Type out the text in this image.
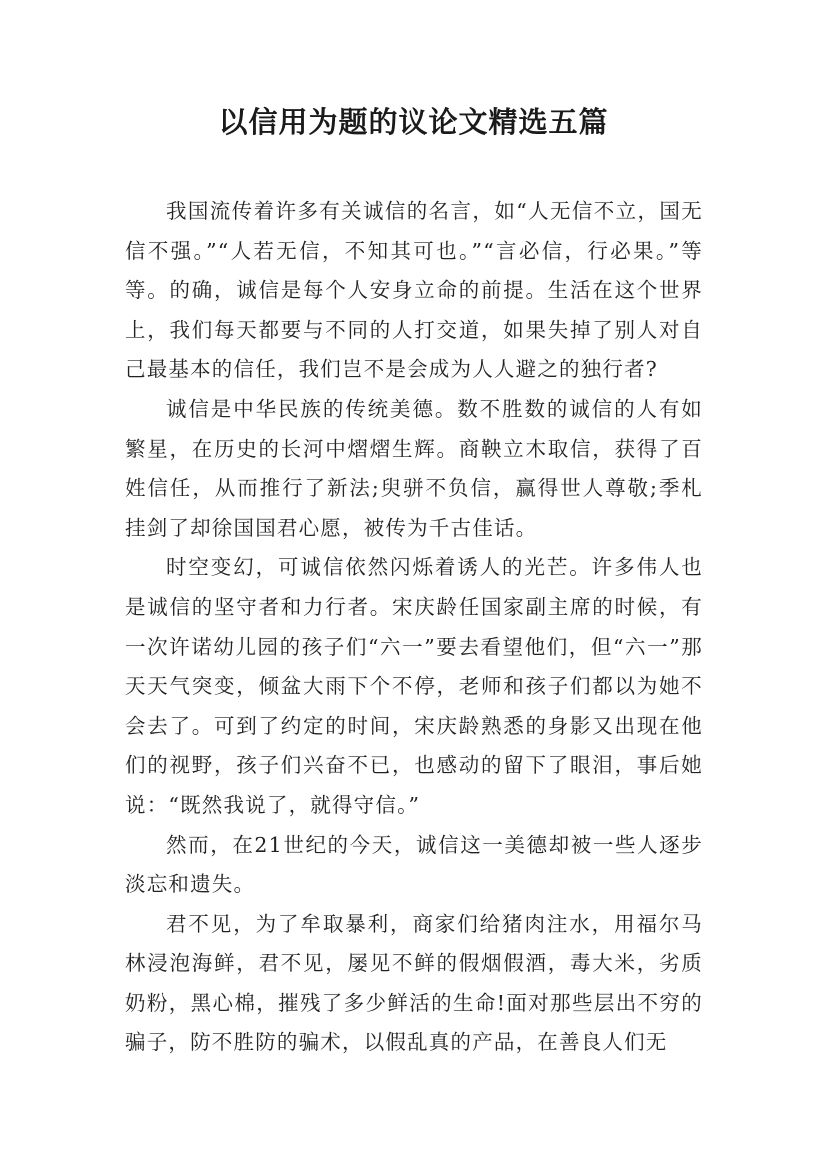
以信用为题的议论文精选五篇

我国流传着许多有关诚信的名言，如“人无信不立，国无信不强。”“人若无信，不知其可也。”“言必信，行必果。”等等。的确，诚信是每个人安身立命的前提。生活在这个世界上，我们每天都要与不同的人打交道，如果失掉了别人对自己最基本的信任，我们岂不是会成为人人避之的独行者?

诚信是中华民族的传统美德。数不胜数的诚信的人有如繁星，在历史的长河中熠熠生辉。商鞅立木取信，获得了百姓信任，从而推行了新法;臾骈不负信，赢得世人尊敬;季札挂剑了却徐国国君心愿，被传为千古佳话。

时空变幻，可诚信依然闪烁着诱人的光芒。许多伟人也是诚信的坚守者和力行者。宋庆龄任国家副主席的时候，有一次许诺幼儿园的孩子们“六一”要去看望他们，但“六一”那天天气突变，倾盆大雨下个不停，老师和孩子们都以为她不会去了。可到了约定的时间，宋庆龄熟悉的身影又出现在他们的视野，孩子们兴奋不已，也感动的留下了眼泪，事后她说：“既然我说了，就得守信。”

然而，在21世纪的今天，诚信这一美德却被一些人逐步淡忘和遗失。

君不见，为了牟取暴利，商家们给猪肉注水，用福尔马林浸泡海鲜，君不见，屡见不鲜的假烟假酒，毒大米，劣质奶粉，黑心棉，摧残了多少鲜活的生命!面对那些层出不穷的骗子，防不胜防的骗术，以假乱真的产品，在善良人们无
